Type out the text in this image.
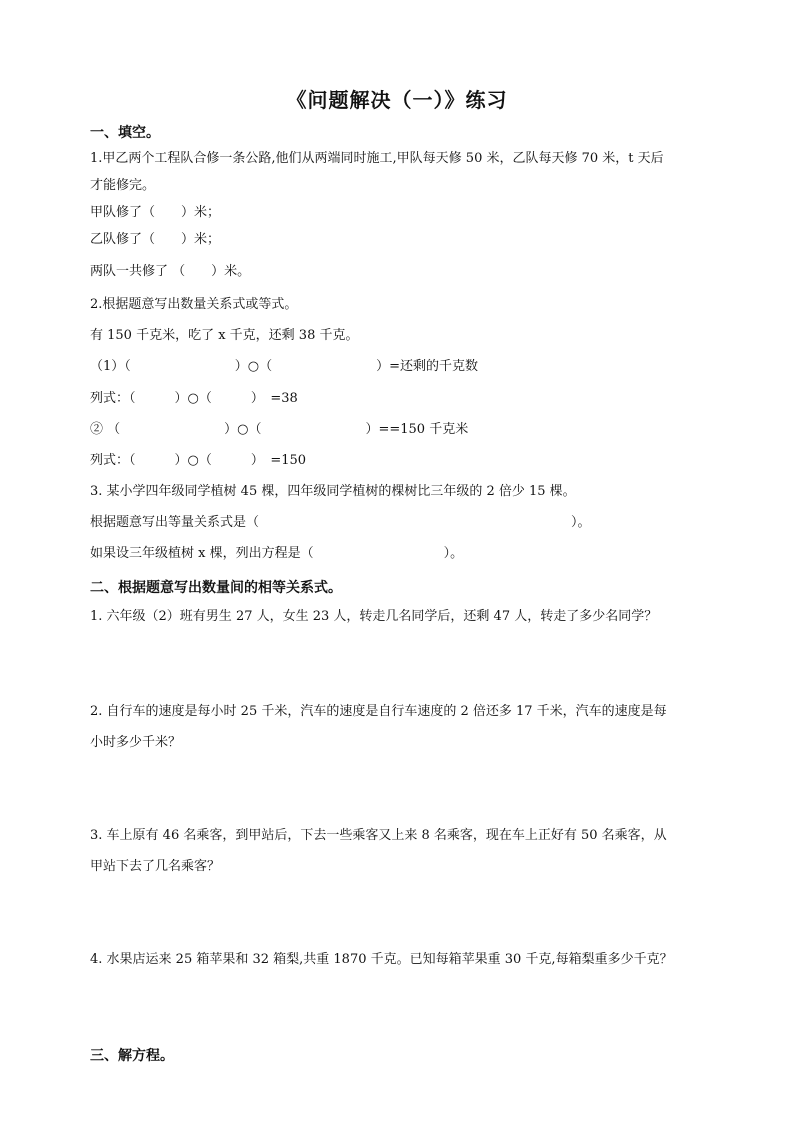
《问题解决（一）》练习
一、填空。
1.甲乙两个工程队合修一条公路,他们从两端同时施工,甲队每天修 50 米，乙队每天修 70 米，t 天后
才能修完。
甲队修了（　　）米；
乙队修了（　　）米；
两队一共修了 （　　）米。
2.根据题意写出数量关系式或等式。
有 150 千克米，吃了 x 千克，还剩 38 千克。
（1）（　　　　　　　　）○（　　　　　　　　）=还剩的千克数
列式：（　　　）○（　　　）　=38
② （　　　　　　　　）○（　　　　　　　　）==150 千克米
列式：（　　　）○（　　　）　=150
3. 某小学四年级同学植树 45 棵，四年级同学植树的棵树比三年级的 2 倍少 15 棵。
根据题意写出等量关系式是（　　　　　　　　　　　　　　　　　　　　　　　　）。
如果设三年级植树 x 棵，列出方程是（　　　　　　　　　　）。
二、根据题意写出数量间的相等关系式。
1. 六年级（2）班有男生 27 人，女生 23 人，转走几名同学后，还剩 47 人，转走了多少名同学？
2. 自行车的速度是每小时 25 千米，汽车的速度是自行车速度的 2 倍还多 17 千米，汽车的速度是每
小时多少千米？
3. 车上原有 46 名乘客，到甲站后，下去一些乘客又上来 8 名乘客，现在车上正好有 50 名乘客，从
甲站下去了几名乘客？
4. 水果店运来 25 箱苹果和 32 箱梨,共重 1870 千克。已知每箱苹果重 30 千克,每箱梨重多少千克？
三、解方程。
